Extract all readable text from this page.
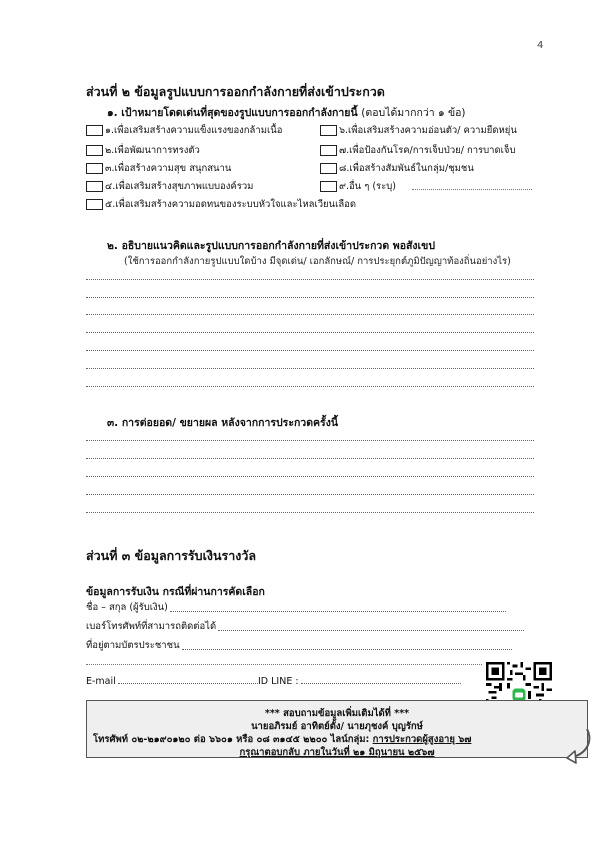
4
ส่วนที่ ๒ ข้อมูลรูปแบบการออกกำลังกายที่ส่งเข้าประกวด
๑. เป้าหมายโดดเด่นที่สุดของรูปแบบการออกกำลังกายนี้ (ตอบได้มากกว่า ๑ ข้อ)
๑.เพื่อเสริมสร้างความแข็งแรงของกล้ามเนื้อ
๒.เพื่อพัฒนาการทรงตัว
๓.เพื่อสร้างความสุข สนุกสนาน
๔.เพื่อเสริมสร้างสุขภาพแบบองค์รวม
๕.เพื่อเสริมสร้างความอดทนของระบบหัวใจและไหลเวียนเลือด
๖.เพื่อเสริมสร้างความอ่อนตัว/ ความยืดหยุ่น
๗.เพื่อป้องกันโรค/การเจ็บป่วย/ การบาดเจ็บ
๘.เพื่อสร้างสัมพันธ์ในกลุ่ม/ชุมชน
๙.อื่น ๆ (ระบุ)
๒. อธิบายแนวคิดและรูปแบบการออกกำลังกายที่ส่งเข้าประกวด พอสังเขป
(ใช้การออกกำลังกายรูปแบบใดบ้าง มีจุดเด่น/ เอกลักษณ์/ การประยุกต์ภูมิปัญญาท้องถิ่นอย่างไร)
๓. การต่อยอด/ ขยายผล หลังจากการประกวดครั้งนี้
ส่วนที่ ๓ ข้อมูลการรับเงินรางวัล
ข้อมูลการรับเงิน กรณีที่ผ่านการคัดเลือก
ชื่อ – สกุล (ผู้รับเงิน)
เบอร์โทรศัพท์ที่สามารถติดต่อได้
ที่อยู่ตามบัตรประชาชน
E-mail	ID LINE :
*** สอบถามข้อมูลเพิ่มเติมได้ที่ ***
นายอภิรมย์ อาทิตย์ตั้ง/ นายภุชงค์ บุญรักษ์
โทรศัพท์ ๐๒-๒๑๙๐๑๒๐ ต่อ ๖๖๐๑ หรือ ๐๘ ๓๑๔๕ ๒๒๐๐ ไลน์กลุ่ม: การประกวดผู้สูงอายุ ๖๗
กรุณาตอบกลับ ภายในวันที่ ๒๑ มิถุนายน ๒๕๖๗
